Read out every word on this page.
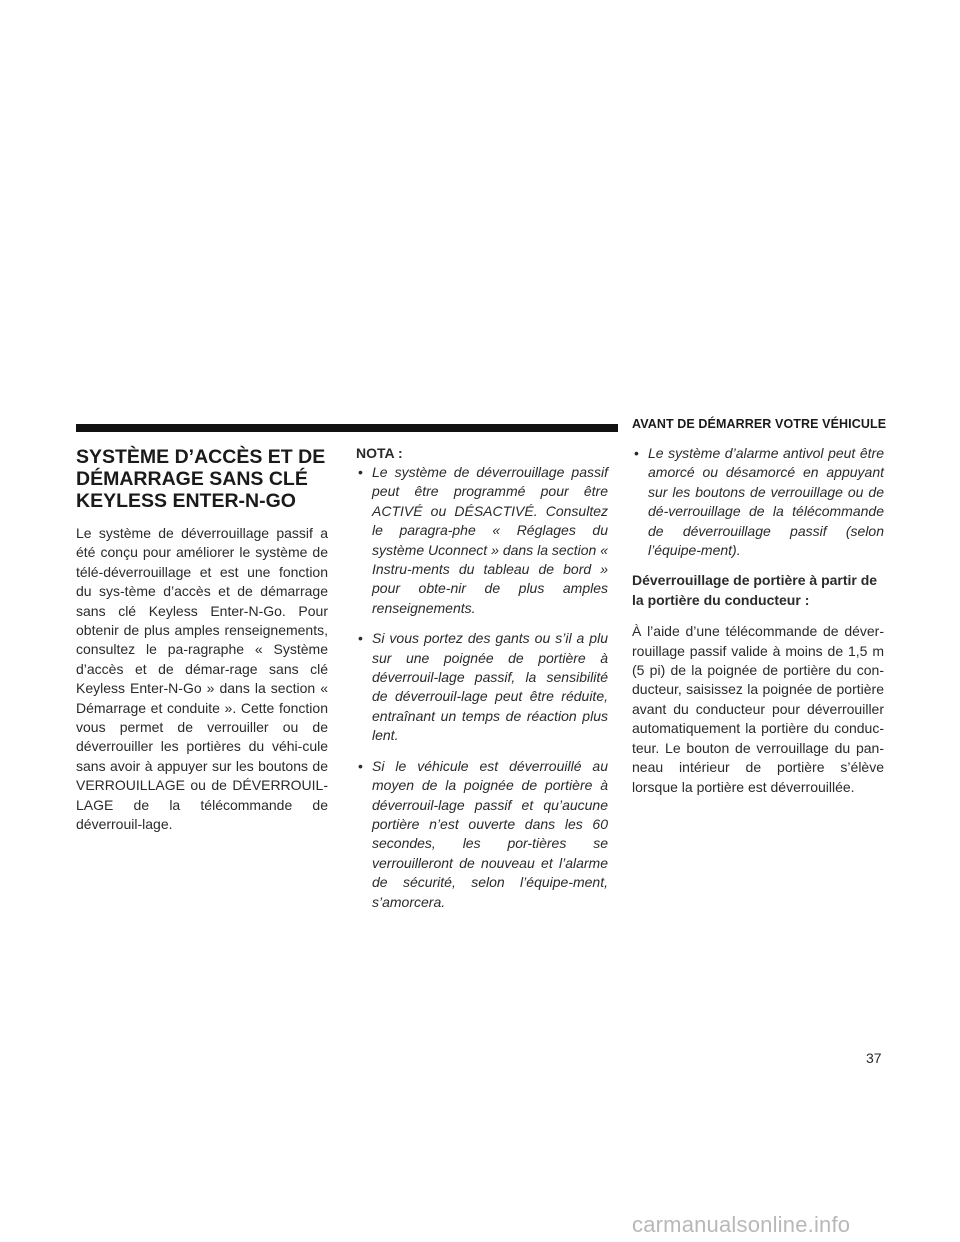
AVANT DE DÉMARRER VOTRE VÉHICULE
SYSTÈME D’ACCÈS ET DE DÉMARRAGE SANS CLÉ KEYLESS ENTER-N-GO

Le système de déverrouillage passif a été conçu pour améliorer le système de télé-déverrouillage et est une fonction du sys-tème d’accès et de démarrage sans clé Keyless Enter-N-Go. Pour obtenir de plus amples renseignements, consultez le pa-ragraphe « Système d’accès et de démar-rage sans clé Keyless Enter-N-Go » dans la section « Démarrage et conduite ». Cette fonction vous permet de verrouiller ou de déverrouiller les portières du véhi-cule sans avoir à appuyer sur les boutons de VERROUILLAGE ou de DÉVERROUIL-LAGE de la télécommande de déverrouil-lage.

NOTA :

• Le système de déverrouillage passif peut être programmé pour être ACTIVÉ ou DÉSACTIVÉ. Consultez le paragra-phe « Réglages du système Uconnect » dans la section « Instru-ments du tableau de bord » pour obte-nir de plus amples renseignements.
• Si vous portez des gants ou s’il a plu sur une poignée de portière à déverrouil-lage passif, la sensibilité de déverrouil-lage peut être réduite, entraînant un temps de réaction plus lent.
• Si le véhicule est déverrouillé au moyen de la poignée de portière à déverrouil-lage passif et qu’aucune portière n’est ouverte dans les 60 secondes, les por-tières se verrouilleront de nouveau et l’alarme de sécurité, selon l’équipe-ment, s’amorcera.
• Le système d’alarme antivol peut être amorcé ou désamorcé en appuyant sur les boutons de verrouillage ou de dé-verrouillage de la télécommande de déverrouillage passif (selon l’équipe-ment).

Déverrouillage de portière à partir de la portière du conducteur :

À l’aide d’une télécommande de déver-rouillage passif valide à moins de 1,5 m (5 pi) de la poignée de portière du con-ducteur, saisissez la poignée de portière avant du conducteur pour déverrouiller automatiquement la portière du conduc-teur. Le bouton de verrouillage du pan-neau intérieur de portière s’élève lorsque la portière est déverrouillée.

37
carmanualsonline.info
